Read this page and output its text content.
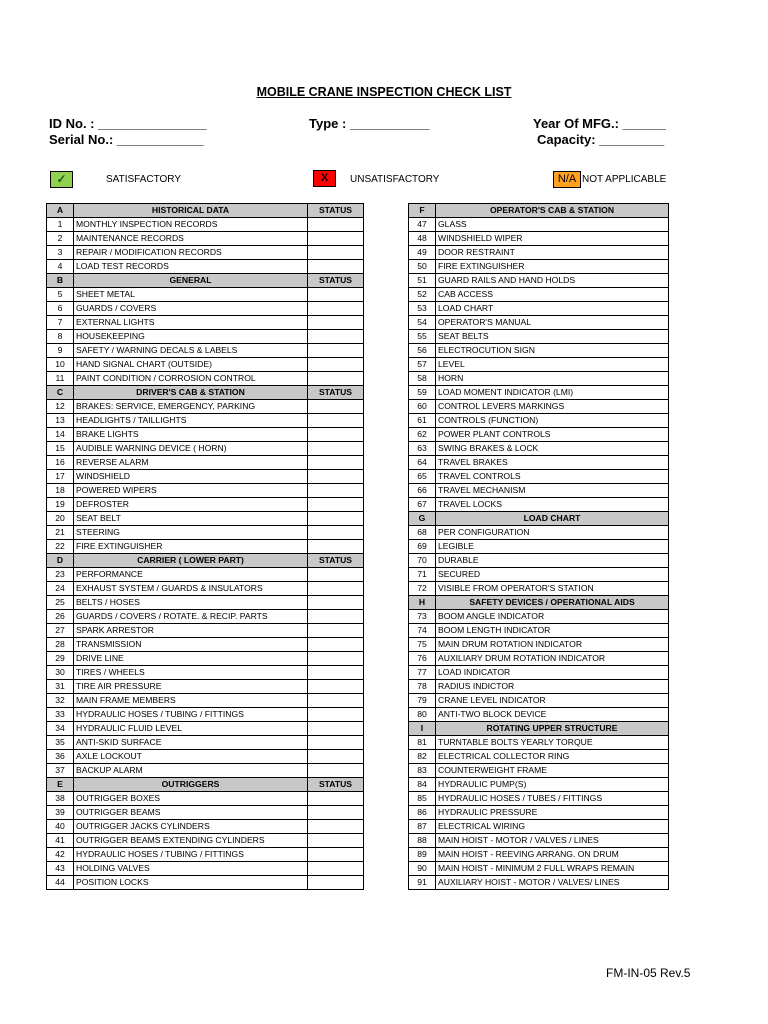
MOBILE CRANE INSPECTION CHECK LIST
ID No. : _______________
Serial No.: ____________
Type : ___________	Year Of MFG.: ______
Capacity: _________
✓	SATISFACTORY	X	UNSATISFACTORY	N/A NOT APPLICABLE
A	HISTORICAL DATA	STATUS
1	MONTHLY INSPECTION RECORDS	
2	MAINTENANCE RECORDS	
3	REPAIR / MODIFICATION RECORDS	
4	LOAD TEST RECORDS	
B	GENERAL	STATUS
5	SHEET METAL	
6	GUARDS / COVERS	
7	EXTERNAL LIGHTS	
8	HOUSEKEEPING	
9	SAFETY / WARNING DECALS & LABELS	
10	HAND SIGNAL CHART (OUTSIDE)	
11	PAINT CONDITION / CORROSION CONTROL	
C	DRIVER'S CAB & STATION	STATUS
12	BRAKES: SERVICE, EMERGENCY, PARKING	
13	HEADLIGHTS / TAILLIGHTS	
14	BRAKE LIGHTS	
15	AUDIBLE WARNING DEVICE ( HORN)	
16	REVERSE ALARM	
17	WINDSHIELD	
18	POWERED WIPERS	
19	DEFROSTER	
20	SEAT BELT	
21	STEERING	
22	FIRE EXTINGUISHER	
D	CARRIER ( LOWER PART)	STATUS
23	PERFORMANCE	
24	EXHAUST SYSTEM / GUARDS & INSULATORS	
25	BELTS / HOSES	
26	GUARDS / COVERS / ROTATE. & RECIP. PARTS	
27	SPARK ARRESTOR	
28	TRANSMISSION	
29	DRIVE LINE	
30	TIRES / WHEELS	
31	TIRE AIR PRESSURE	
32	MAIN FRAME MEMBERS	
33	HYDRAULIC HOSES / TUBING / FITTINGS	
34	HYDRAULIC FLUID LEVEL	
35	ANTI-SKID SURFACE	
36	AXLE LOCKOUT	
37	BACKUP ALARM	
E	OUTRIGGERS	STATUS
38	OUTRIGGER BOXES	
39	OUTRIGGER BEAMS	
40	OUTRIGGER JACKS CYLINDERS	
41	OUTRIGGER BEAMS EXTENDING CYLINDERS	
42	HYDRAULIC HOSES / TUBING / FITTINGS	
43	HOLDING VALVES	
44	POSITION LOCKS	
F	OPERATOR'S CAB & STATION
47	GLASS
48	WINDSHIELD WIPER
49	DOOR RESTRAINT
50	FIRE EXTINGUISHER
51	GUARD RAILS AND HAND HOLDS
52	CAB ACCESS
53	LOAD CHART
54	OPERATOR'S MANUAL
55	SEAT BELTS
56	ELECTROCUTION SIGN
57	LEVEL
58	HORN
59	LOAD MOMENT INDICATOR (LMI)
60	CONTROL LEVERS MARKINGS
61	CONTROLS (FUNCTION)
62	POWER PLANT CONTROLS
63	SWING BRAKES & LOCK
64	TRAVEL BRAKES
65	TRAVEL CONTROLS
66	TRAVEL MECHANISM
67	TRAVEL LOCKS
G	LOAD CHART
68	PER CONFIGURATION
69	LEGIBLE
70	DURABLE
71	SECURED
72	VISIBLE FROM OPERATOR'S STATION
H	SAFETY DEVICES / OPERATIONAL AIDS
73	BOOM ANGLE INDICATOR
74	BOOM LENGTH INDICATOR
75	MAIN DRUM ROTATION INDICATOR
76	AUXILIARY DRUM ROTATION INDICATOR
77	LOAD INDICATOR
78	RADIUS INDICTOR
79	CRANE LEVEL INDICATOR
80	ANTI-TWO BLOCK DEVICE
I	ROTATING UPPER STRUCTURE
81	TURNTABLE BOLTS YEARLY TORQUE
82	ELECTRICAL COLLECTOR RING
83	COUNTERWEIGHT FRAME
84	HYDRAULIC PUMP(S)
85	HYDRAULIC HOSES / TUBES / FITTINGS
86	HYDRAULIC PRESSURE
87	ELECTRICAL WIRING
88	MAIN HOIST - MOTOR / VALVES / LINES
89	MAIN HOIST - REEVING ARRANG. ON DRUM
90	MAIN HOIST - MINIMUM 2 FULL WRAPS REMAIN
91	AUXILIARY HOIST - MOTOR / VALVES/ LINES
FM-IN-05 Rev.5
